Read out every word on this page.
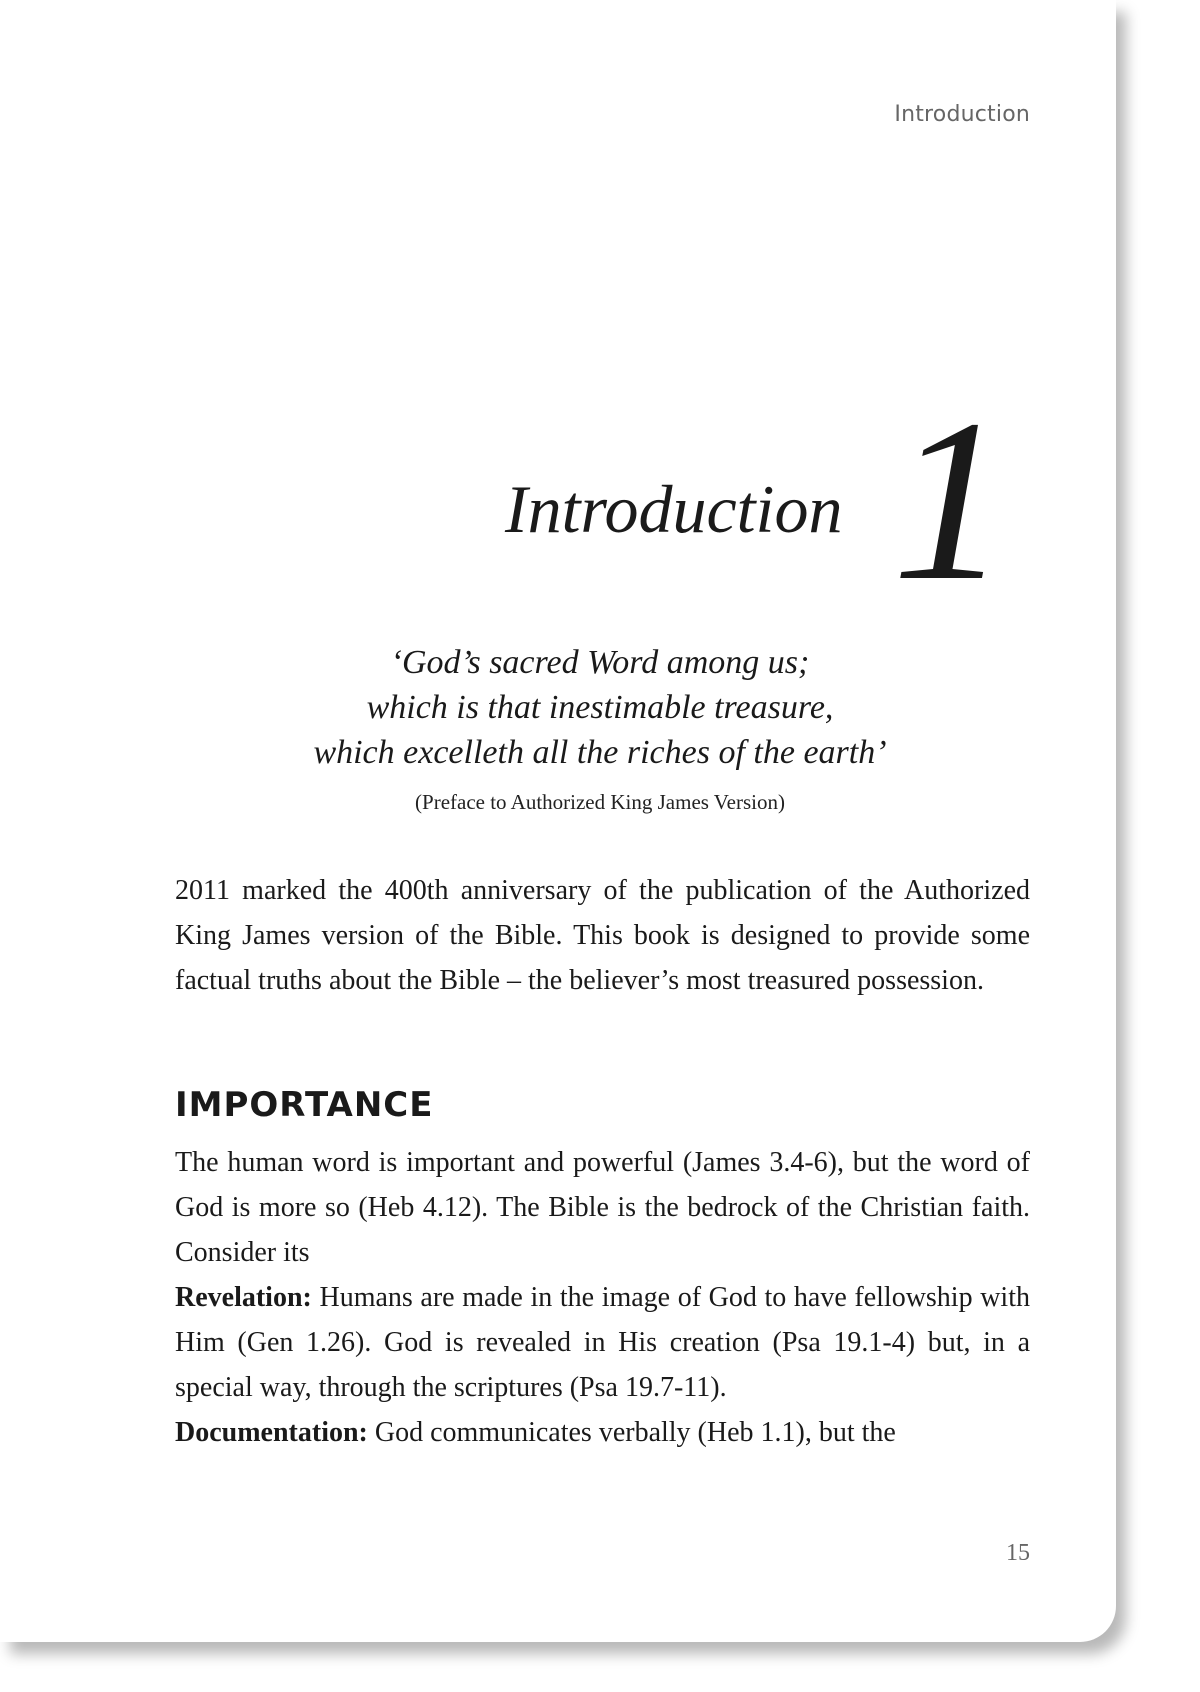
Introduction
Introduction 1
‘God’s sacred Word among us;
which is that inestimable treasure,
which excelleth all the riches of the earth’
(Preface to Authorized King James Version)

2011 marked the 400th anniversary of the publication of the Authorized King James version of the Bible. This book is designed to provide some factual truths about the Bible – the believer’s most treasured possession.

IMPORTANCE

The human word is important and powerful (James 3.4-6), but the word of God is more so (Heb 4.12). The Bible is the bedrock of the Christian faith. Consider its

Revelation: Humans are made in the image of God to have fellowship with Him (Gen 1.26). God is revealed in His creation (Psa 19.1-4) but, in a special way, through the scriptures (Psa 19.7-11).

Documentation: God communicates verbally (Heb 1.1), but the

15
